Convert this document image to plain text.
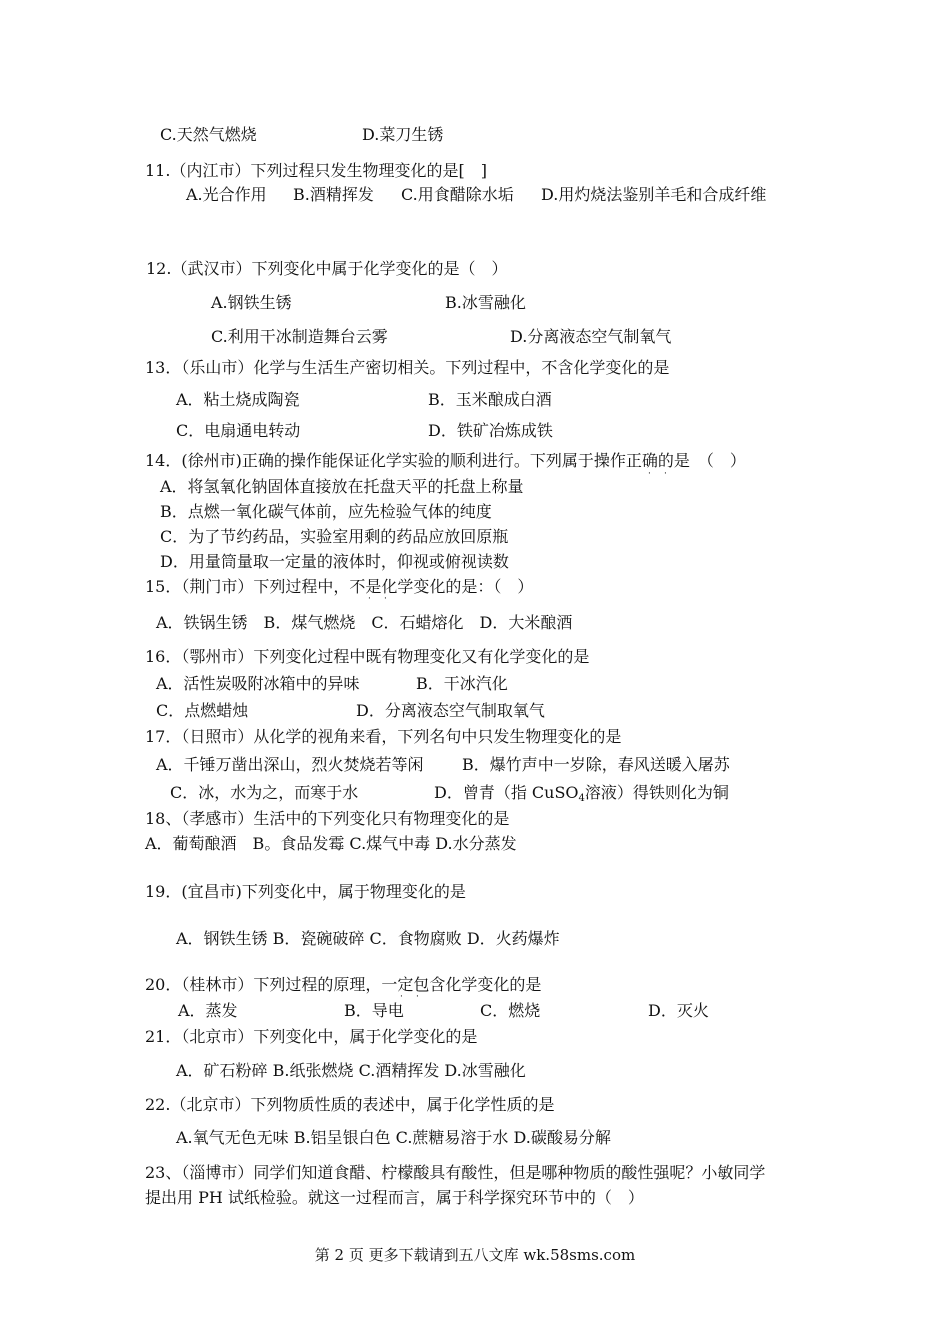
C.天然气燃烧	D.菜刀生锈
11.（内江市）下列过程只发生物理变化的是[　]
A.光合作用 B.酒精挥发 C.用食醋除水垢 D.用灼烧法鉴别羊毛和合成纤维
12.（武汉市）下列变化中属于化学变化的是（　）
A.钢铁生锈	B.冰雪融化
C.利用干冰制造舞台云雾	D.分离液态空气制氧气
13．（乐山市）化学与生活生产密切相关。下列过程中，不含化学变化的是
A．粘土烧成陶瓷	B．玉米酿成白酒
C．电扇通电转动	D．铁矿冶炼成铁
14．(徐州市)正确的操作能保证化学实验的顺利进行。下列属于操作正确的是　（　）
· ·
A．将氢氧化钠固体直接放在托盘天平的托盘上称量
B．点燃一氧化碳气体前，应先检验气体的纯度
C．为了节约药品，实验室用剩的药品应放回原瓶
D．用量筒量取一定量的液体时，仰视或俯视读数
15．（荆门市）下列过程中，不是化学变化的是：（　）
· ·
A．铁锅生锈　B．煤气燃烧　C．石蜡熔化　D．大米酿酒
16．（鄂州市）下列变化过程中既有物理变化又有化学变化的是
A．活性炭吸附冰箱中的异味	B．干冰汽化
C．点燃蜡烛	D．分离液态空气制取氧气
17．（日照市）从化学的视角来看，下列名句中只发生物理变化的是
A．千锤万凿出深山，烈火焚烧若等闲 B．爆竹声中一岁除，春风送暖入屠苏
C．冰，水为之，而寒于水	D．曾青（指 CuSO$_4$溶液）得铁则化为铜
18、（孝感市）生活中的下列变化只有物理变化的是
A．葡萄酿酒　B。食品发霉 C.煤气中毒 D.水分蒸发
19．(宜昌市)下列变化中，属于物理变化的是
A．钢铁生锈 B．瓷碗破碎 C．食物腐败 D．火药爆炸
20．（桂林市）下列过程的原理，一定包含化学变化的是
· ·
A．蒸发	B．导电	C．燃烧	D．灭火
21．（北京市）下列变化中，属于化学变化的是
A．矿石粉碎 B.纸张燃烧 C.酒精挥发 D.冰雪融化
22.（北京市）下列物质性质的表述中，属于化学性质的是
A.氧气无色无味 B.铝呈银白色 C.蔗糖易溶于水 D.碳酸易分解
23、（淄博市）同学们知道食醋、柠檬酸具有酸性，但是哪种物质的酸性强呢？小敏同学
提出用 PH 试纸检验。就这一过程而言，属于科学探究环节中的（　）
第 2 页 更多下载请到五八文库 wk.58sms.com
